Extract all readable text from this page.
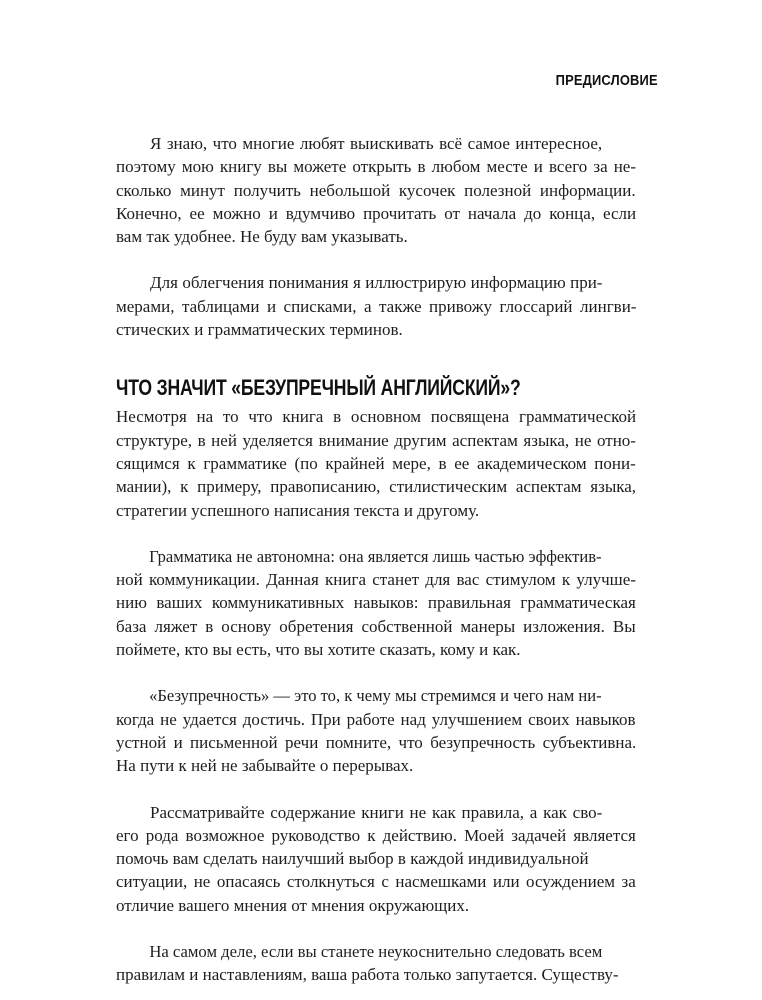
ПРЕДИСЛОВИЕ

Я знаю, что многие любят выискивать всё самое интересное,
поэтому мою книгу вы можете открыть в любом месте и всего за не-
сколько минут получить небольшой кусочек полезной информации.
Конечно, ее можно и вдумчиво прочитать от начала до конца, если
вам так удобнее. Не буду вам указывать.

Для облегчения понимания я иллюстрирую информацию при-
мерами, таблицами и списками, а также привожу глоссарий лингви-
стических и грамматических терминов.

ЧТО ЗНАЧИТ «БЕЗУПРЕЧНЫЙ АНГЛИЙСКИЙ»?

Несмотря на то что книга в основном посвящена грамматической
структуре, в ней уделяется внимание другим аспектам языка, не отно-
сящимся к грамматике (по крайней мере, в ее академическом пони-
мании), к примеру, правописанию, стилистическим аспектам языка,
стратегии успешного написания текста и другому.

Грамматика не автономна: она является лишь частью эффектив-
ной коммуникации. Данная книга станет для вас стимулом к улучше-
нию ваших коммуникативных навыков: правильная грамматическая
база ляжет в основу обретения собственной манеры изложения. Вы
поймете, кто вы есть, что вы хотите сказать, кому и как.

«Безупречность» — это то, к чему мы стремимся и чего нам ни-
когда не удается достичь. При работе над улучшением своих навыков
устной и письменной речи помните, что безупречность субъективна.
На пути к ней не забывайте о перерывах.

Рассматривайте содержание книги не как правила, а как сво-
его рода возможное руководство к действию. Моей задачей является
помочь вам сделать наилучший выбор в каждой индивидуальной
ситуации, не опасаясь столкнуться с насмешками или осуждением за
отличие вашего мнения от мнения окружающих.

На самом деле, если вы станете неукоснительно следовать всем
правилам и наставлениям, ваша работа только запутается. Существу-
